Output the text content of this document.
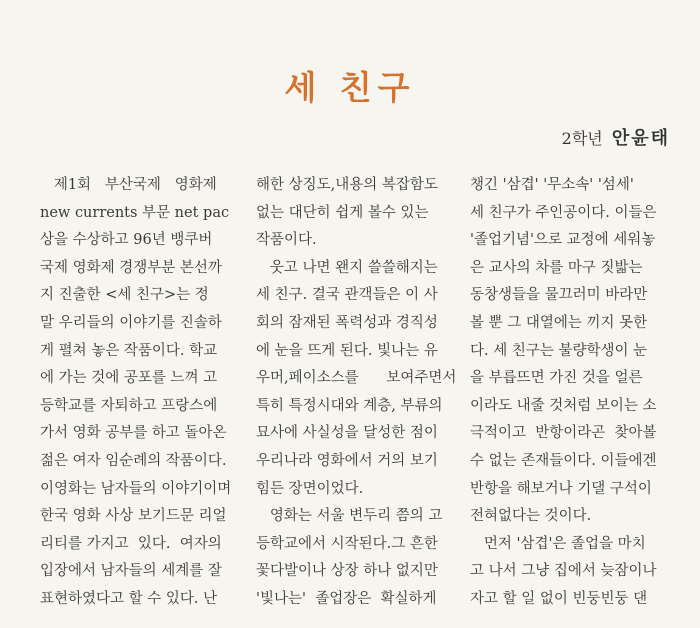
세 친구
2학년 안윤태

제1회   부산국제   영화제

new currents 부문 net pac

상을 수상하고 96년 뱅쿠버

국제 영화제 경쟁부분 본선까

지 진출한 <세 친구>는 정

말 우리들의 이야기를 진솔하

게 펼쳐 놓은 작품이다. 학교

에 가는 것에 공포를 느껴 고

등학교를 자퇴하고 프랑스에

가서 영화 공부를 하고 돌아온

젊은 여자 임순례의 작품이다.

이영화는 남자들의 이야기이며

한국 영화 사상 보기드문 리얼

리티를 가지고  있다.  여자의

입장에서 남자들의 세계를 잘

표현하였다고 할 수 있다. 난

해한 상징도,내용의 복잡함도

없는 대단히 쉽게 볼수 있는

작품이다.

웃고 나면 왠지 쓸쓸해지는

세 친구. 결국 관객들은 이 사

회의 잠재된 폭력성과 경직성

에 눈을 뜨게 된다. 빛나는 유

우머,페이소스를      보여주면서

특히 특정시대와 계층, 부류의

묘사에 사실성을 달성한 점이

우리나라 영화에서 거의 보기

힘든 장면이었다.

영화는 서울 변두리 쯤의 고

등학교에서 시작된다.그 흔한

꽃다발이나 상장 하나 없지만

'빛나는'  졸업장은  확실하게

챙긴 '삼겹' '무소속' '섬세'

세 친구가 주인공이다. 이들은

'졸업기념'으로 교정에 세워놓

은 교사의 차를 마구 짓밟는

동창생들을 물끄러미 바라만

볼 뿐 그 대열에는 끼지 못한

다. 세 친구는 불량학생이 눈

을 부릅뜨면 가진 것을 얼른

이라도 내줄 것처럼 보이는 소

극적이고  반항이라곤  찾아볼

수 없는 존재들이다. 이들에겐

반항을 해보거나 기댈 구석이

전혀없다는 것이다.

먼저 '삼겹'은 졸업을 마치

고 나서 그냥 집에서 늦잠이나

자고 할 일 없이 빈둥빈둥 댄
